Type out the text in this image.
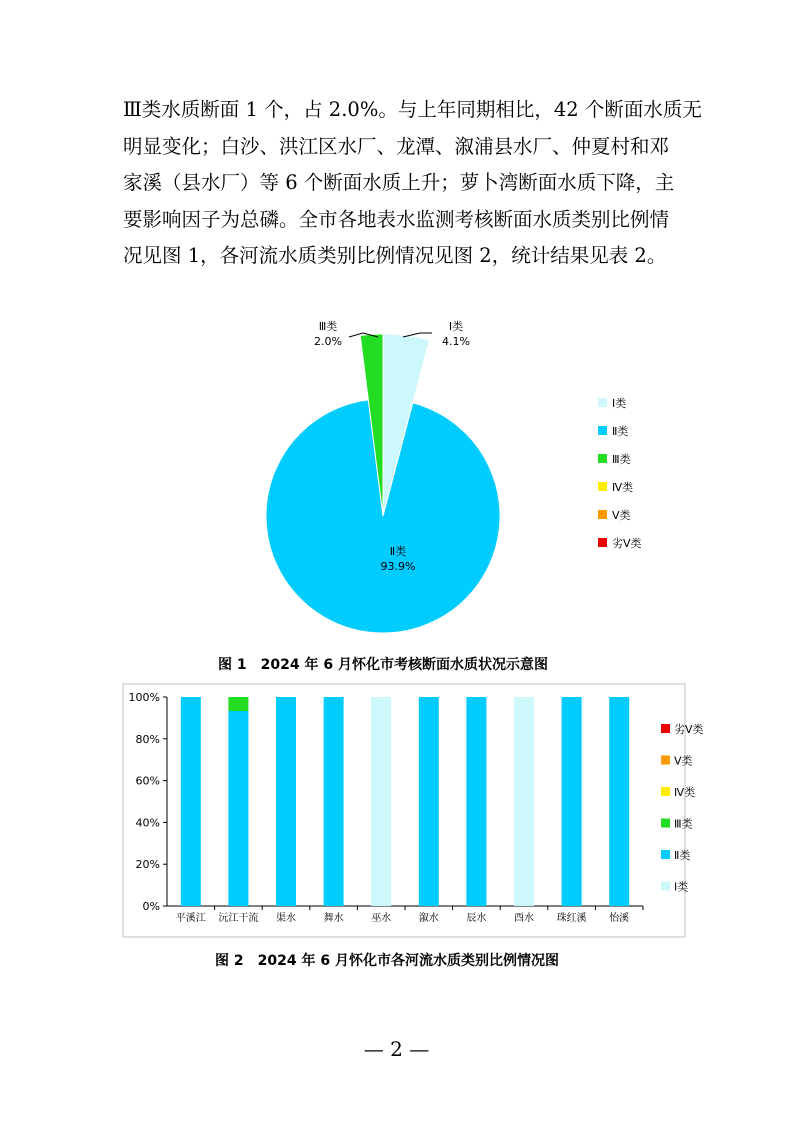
Ⅲ类水质断面 1 个，占 2.0%。与上年同期相比，42 个断面水质无
明显变化；白沙、洪江区水厂、龙潭、溆浦县水厂、仲夏村和邓
家溪（县水厂）等 6 个断面水质上升；萝卜湾断面水质下降，主
要影响因子为总磷。全市各地表水监测考核断面水质类别比例情
况见图 1，各河流水质类别比例情况见图 2，统计结果见表 2。

Ⅱ类
93.9%
Ⅰ类
4.1%
Ⅲ类
2.0%
Ⅰ类
Ⅱ类
Ⅲ类
Ⅳ类
Ⅴ类
劣Ⅴ类
图 1　2024 年 6 月怀化市考核断面水质状况示意图
0%
20%
40%
60%
80%
100%
平溪江 沅江干流 渠水	舞水	巫水	溆水	辰水	酉水 珠红溪 怡溪
劣Ⅴ类
Ⅴ类
Ⅳ类
Ⅲ类
Ⅱ类
Ⅰ类
图 2　2024 年 6 月怀化市各河流水质类别比例情况图
— 2 —
